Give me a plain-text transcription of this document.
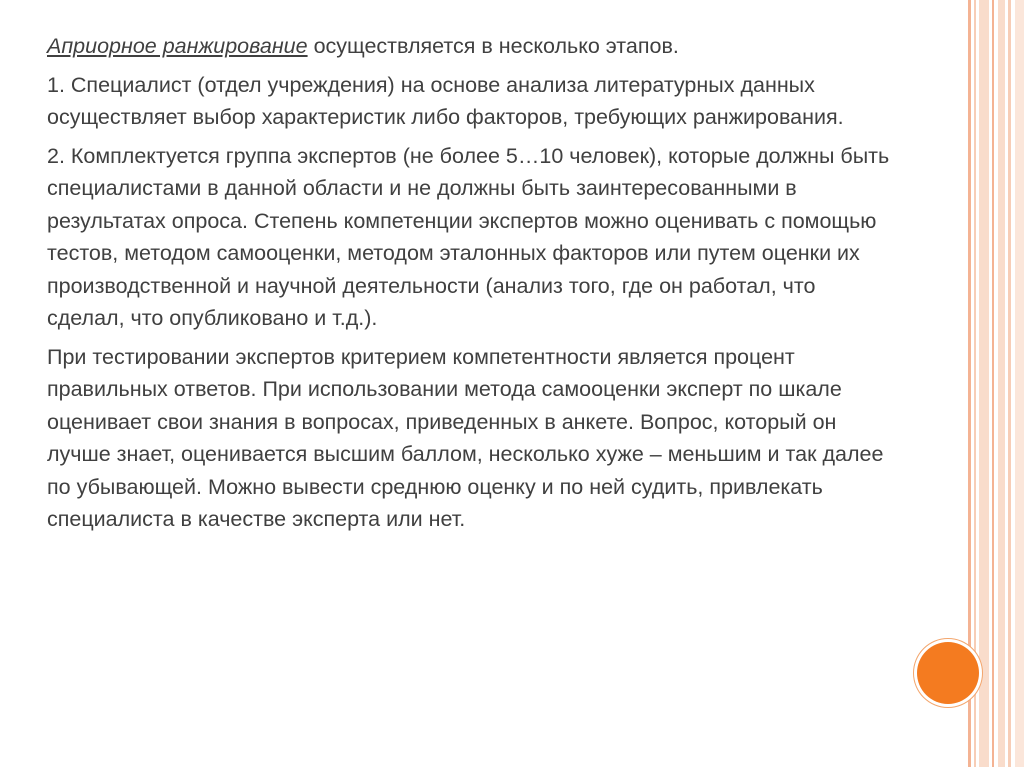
Априорное ранжирование осуществляется в несколько этапов.

1. Специалист (отдел учреждения) на основе анализа литературных данных осуществляет выбор характеристик либо факторов, требующих ранжирования.

2. Комплектуется группа экспертов (не более 5…10 человек), которые должны быть специалистами в данной области и не должны быть заинтересованными в результатах опроса. Степень компетенции экспертов можно оценивать с помощью тестов, методом самооценки, методом эталонных факторов или путем оценки их производственной и научной деятельности (анализ того, где он работал, что сделал, что опубликовано и т.д.).

При тестировании экспертов критерием компетентности является процент правильных ответов. При использовании метода самооценки эксперт по шкале оценивает свои знания в вопросах, приведенных в анкете. Вопрос, который он лучше знает, оценивается высшим баллом, несколько хуже – меньшим и так далее по убывающей. Можно вывести среднюю оценку и по ней судить, привлекать специалиста в качестве эксперта или нет.
